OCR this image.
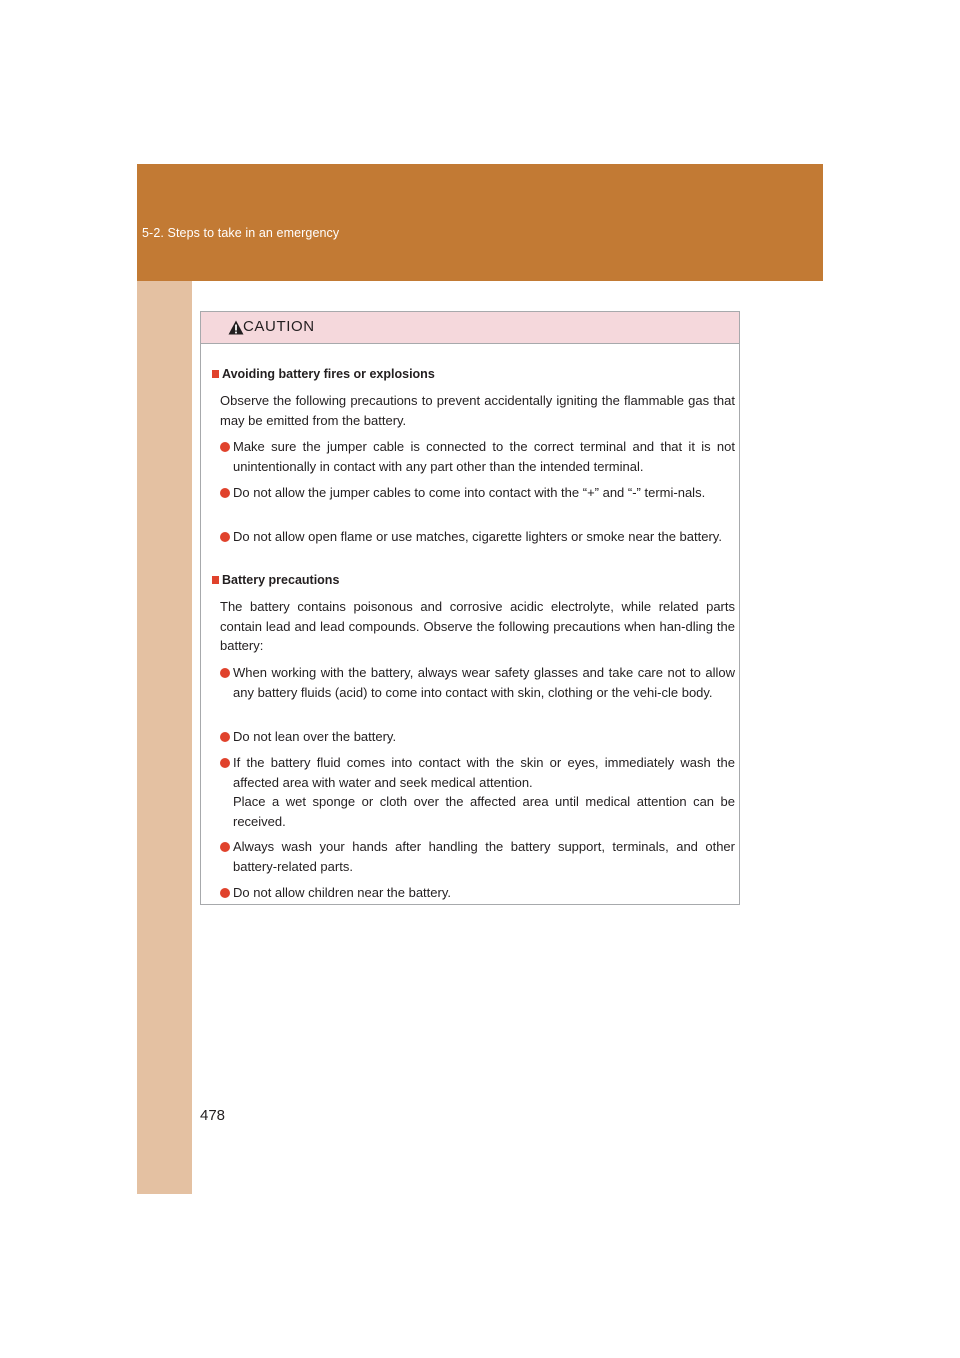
5-2. Steps to take in an emergency
478
CAUTION
Avoiding battery fires or explosions
Observe the following precautions to prevent accidentally igniting the flammable gas that may be emitted from the battery.
Make sure the jumper cable is connected to the correct terminal and that it is not unintentionally in contact with any part other than the intended terminal.
Do not allow the jumper cables to come into contact with the “+” and “-” termi-nals.
Do not allow open flame or use matches, cigarette lighters or smoke near the battery.
Battery precautions
The battery contains poisonous and corrosive acidic electrolyte, while related parts contain lead and lead compounds. Observe the following precautions when han-dling the battery:
When working with the battery, always wear safety glasses and take care not to allow any battery fluids (acid) to come into contact with skin, clothing or the vehi-cle body.
Do not lean over the battery.
If the battery fluid comes into contact with the skin or eyes, immediately wash the affected area with water and seek medical attention.
Place a wet sponge or cloth over the affected area until medical attention can be received.
Always wash your hands after handling the battery support, terminals, and other battery-related parts.
Do not allow children near the battery.
